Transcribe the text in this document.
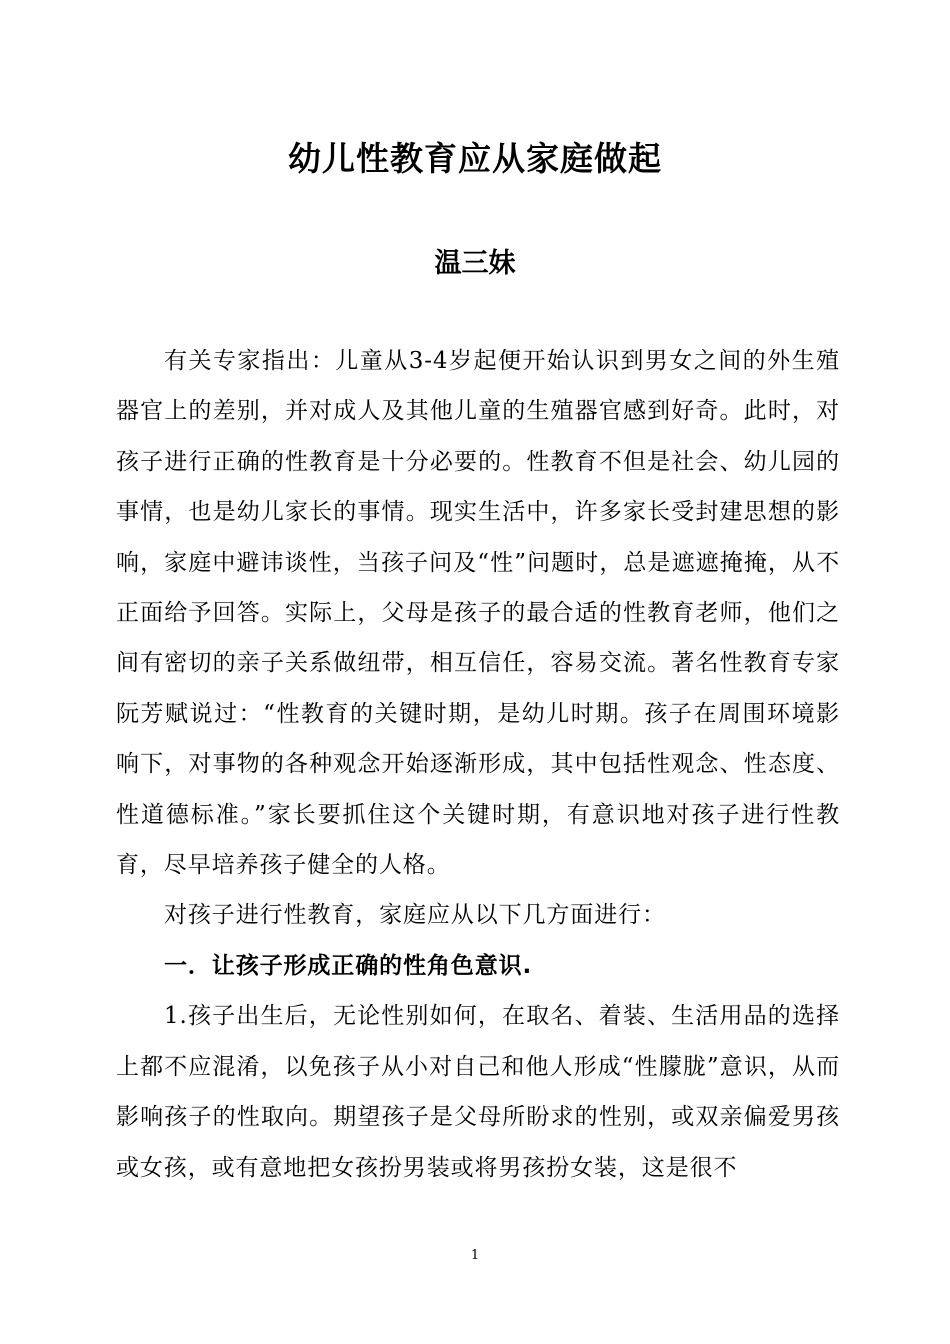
幼儿性教育应从家庭做起
温三妹

有关专家指出：儿童从3-4岁起便开始认识到男女之间的外生殖器官上的差别，并对成人及其他儿童的生殖器官感到好奇。此时，对孩子进行正确的性教育是十分必要的。性教育不但是社会、幼儿园的事情，也是幼儿家长的事情。现实生活中，许多家长受封建思想的影响，家庭中避讳谈性，当孩子问及“性”问题时，总是遮遮掩掩，从不正面给予回答。实际上，父母是孩子的最合适的性教育老师，他们之间有密切的亲子关系做纽带，相互信任，容易交流。著名性教育专家阮芳赋说过：“性教育的关键时期，是幼儿时期。孩子在周围环境影响下，对事物的各种观念开始逐渐形成，其中包括性观念、性态度、性道德标准。”家长要抓住这个关键时期，有意识地对孩子进行性教育，尽早培养孩子健全的人格。

对孩子进行性教育，家庭应从以下几方面进行：

一．让孩子形成正确的性角色意识.

1.孩子出生后，无论性别如何，在取名、着装、生活用品的选择上都不应混淆，以免孩子从小对自己和他人形成“性朦胧”意识，从而影响孩子的性取向。期望孩子是父母所盼求的性别，或双亲偏爱男孩或女孩，或有意地把女孩扮男装或将男孩扮女装，这是很不

1
